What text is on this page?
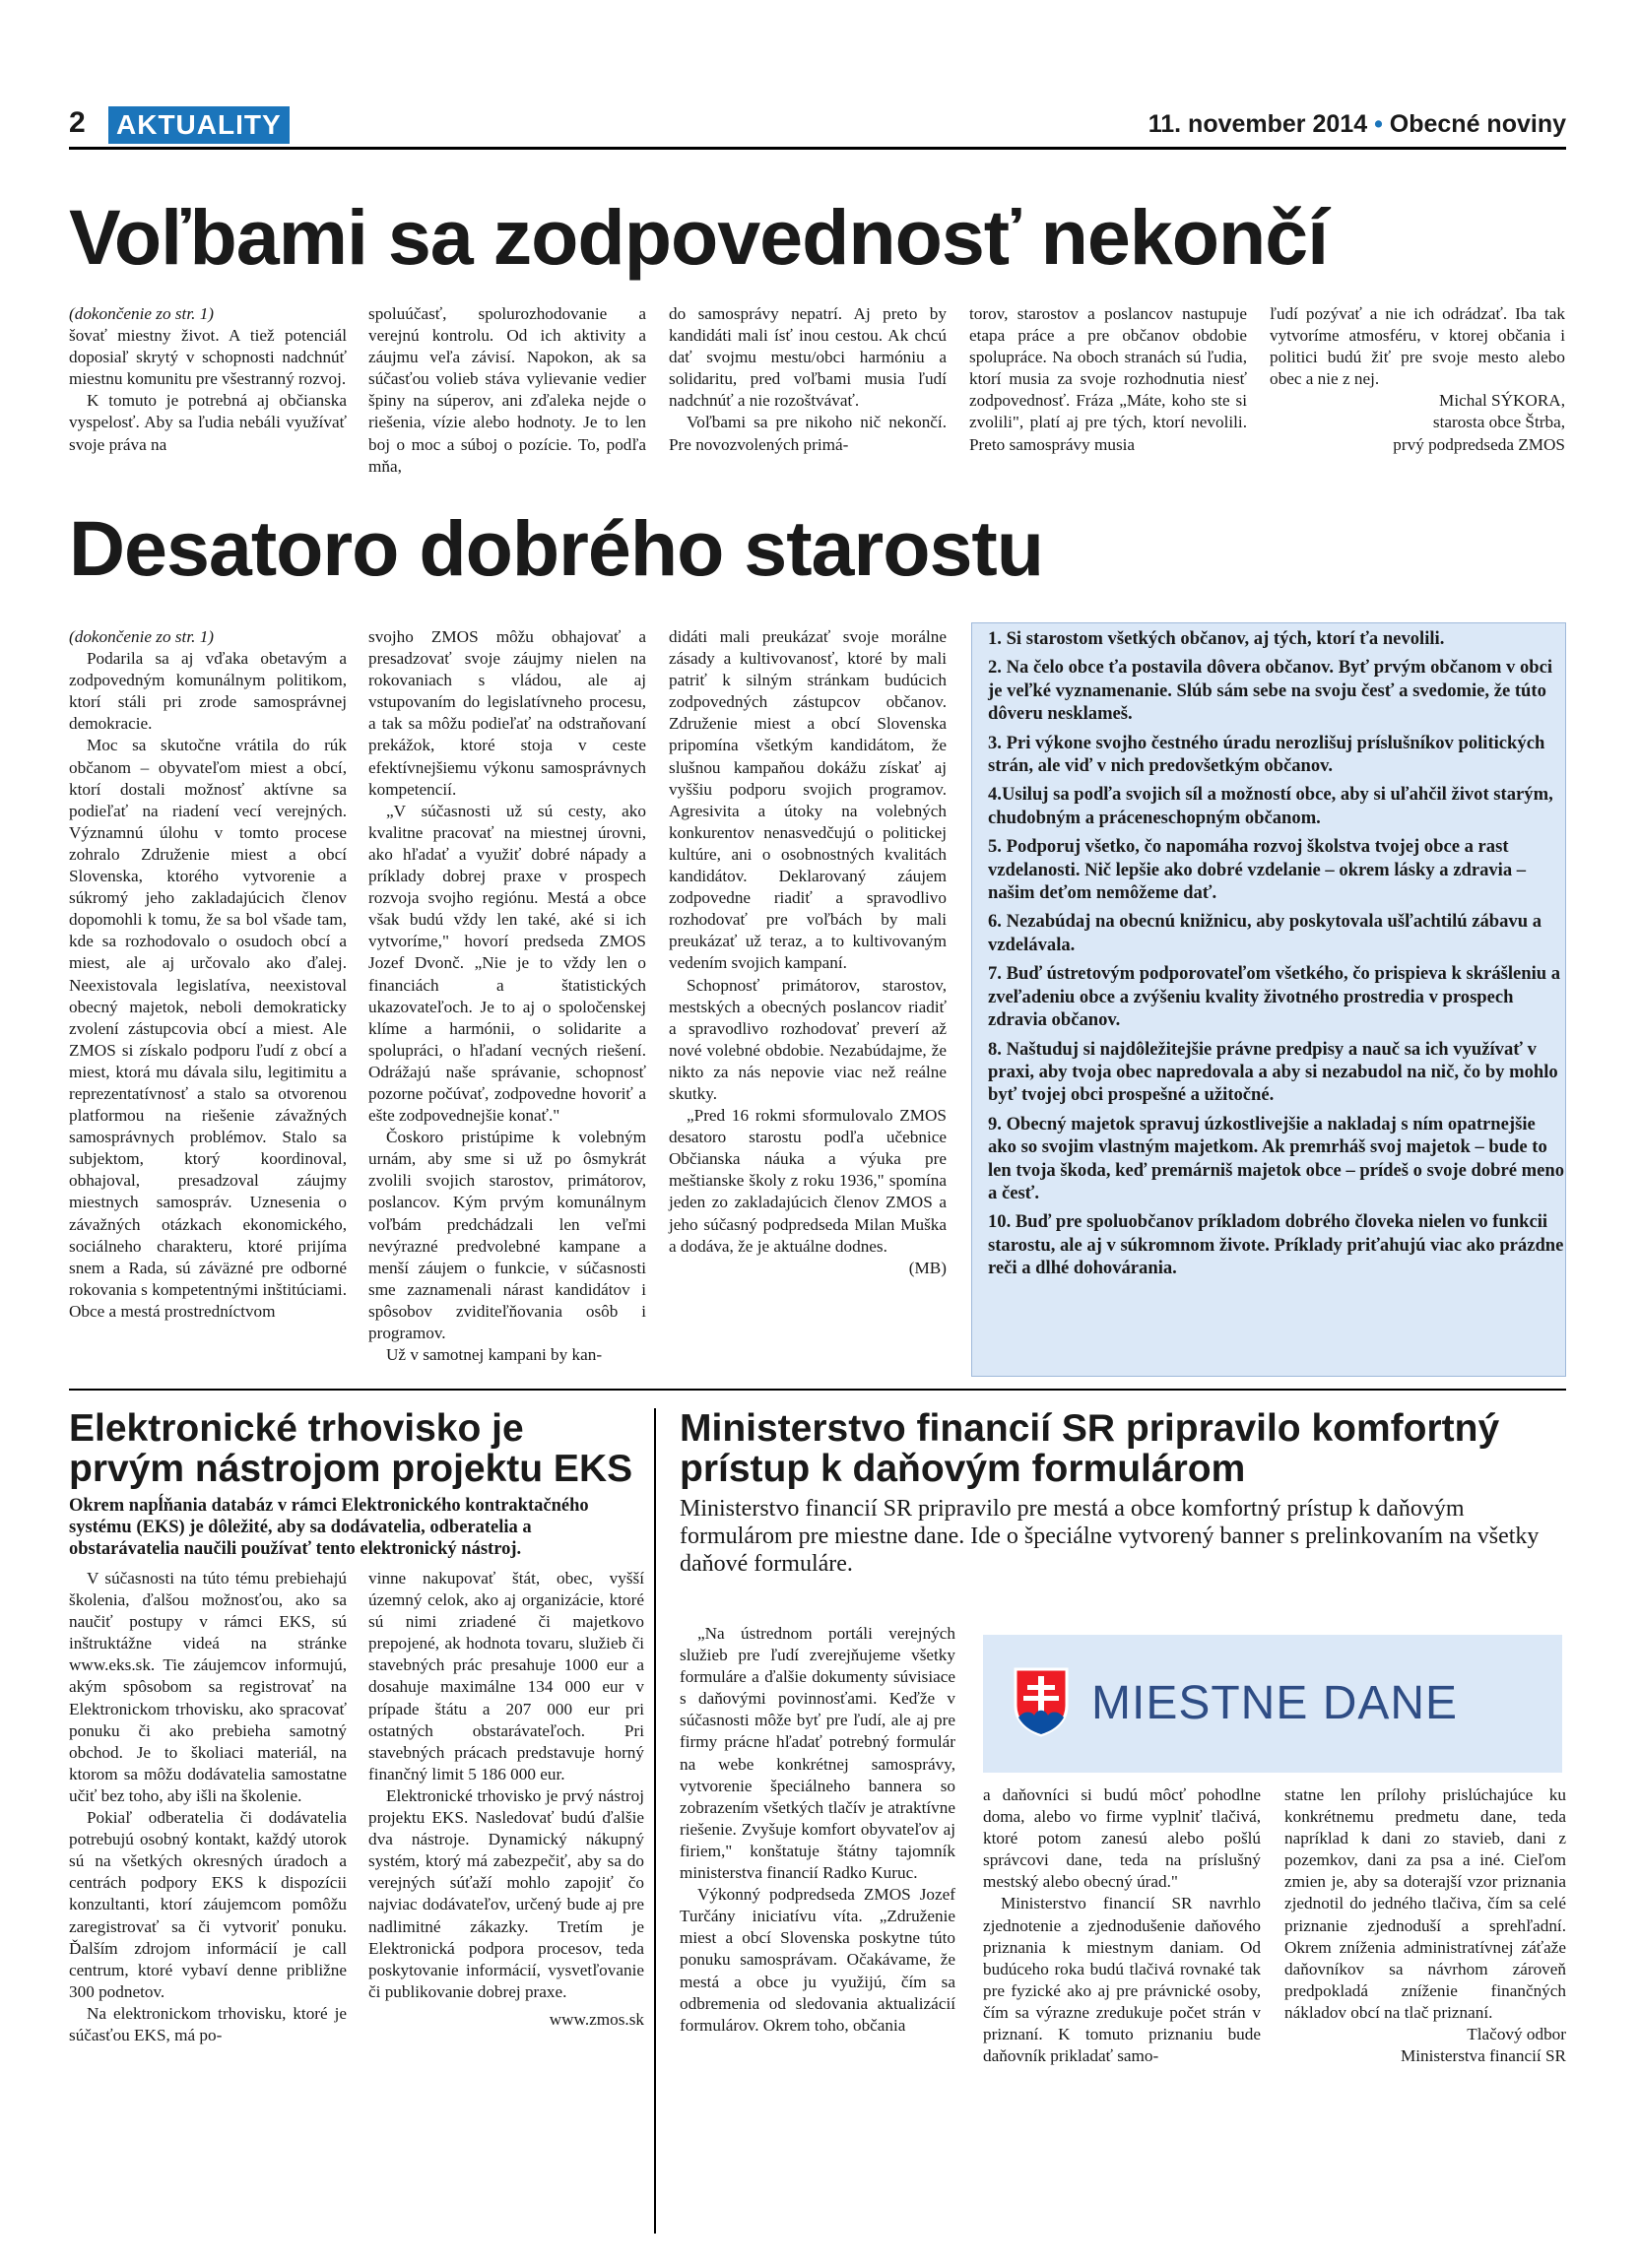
2 AKTUALITY	11. november 2014 • Obecné noviny
Voľbami sa zodpovednosť nekončí

(dokončenie zo str. 1)

šovať miestny život. A tiež potenciál doposiaľ skrytý v schopnosti nadchnúť miestnu komunitu pre všestranný rozvoj.

K tomuto je potrebná aj občianska vyspelosť. Aby sa ľudia nebáli využívať svoje práva na

spoluúčasť, spolurozhodovanie a verejnú kontrolu. Od ich aktivity a záujmu veľa závisí. Napokon, ak sa súčasťou volieb stáva vylievanie vedier špiny na súperov, ani zďaleka nejde o riešenia, vízie alebo hodnoty. Je to len boj o moc a súboj o pozície. To, podľa mňa,

do samosprávy nepatrí. Aj preto by kandidáti mali ísť inou cestou. Ak chcú dať svojmu mestu/obci harmóniu a solidaritu, pred voľbami musia ľudí nadchnúť a nie rozoštvávať.

Voľbami sa pre nikoho nič nekončí. Pre novozvolených primá-

torov, starostov a poslancov nastupuje etapa práce a pre občanov obdobie spolupráce. Na oboch stranách sú ľudia, ktorí musia za svoje rozhodnutia niesť zodpovednosť. Fráza „Máte, koho ste si zvolili", platí aj pre tých, ktorí nevolili. Preto samosprávy musia

ľudí pozývať a nie ich odrádzať. Iba tak vytvoríme atmosféru, v ktorej občania i politici budú žiť pre svoje mesto alebo obec a nie z nej.

Michal SÝKORA,

starosta obce Štrba,

prvý podpredseda ZMOS

Desatoro dobrého starostu

(dokončenie zo str. 1)

Podarila sa aj vďaka obetavým a zodpovedným komunálnym politikom, ktorí stáli pri zrode samosprávnej demokracie.

Moc sa skutočne vrátila do rúk občanom – obyvateľom miest a obcí, ktorí dostali možnosť aktívne sa podieľať na riadení vecí verejných. Významnú úlohu v tomto procese zohralo Združenie miest a obcí Slovenska, ktorého vytvorenie a súkromý jeho zakladajúcich členov dopomohli k tomu, že sa bol všade tam, kde sa rozhodovalo o osudoch obcí a miest, ale aj určovalo ako ďalej. Neexistovala legislatíva, neexistoval obecný majetok, neboli demokraticky zvolení zástupcovia obcí a miest. Ale ZMOS si získalo podporu ľudí z obcí a miest, ktorá mu dávala silu, legitimitu a reprezentatívnosť a stalo sa otvorenou platformou na riešenie závažných samosprávnych problémov. Stalo sa subjektom, ktorý koordinoval, obhajoval, presadzoval záujmy miestnych samospráv. Uznesenia o závažných otázkach ekonomického, sociálneho charakteru, ktoré prijíma snem a Rada, sú záväzné pre odborné rokovania s kompetentnými inštitúciami. Obce a mestá prostredníctvom

svojho ZMOS môžu obhajovať a presadzovať svoje záujmy nielen na rokovaniach s vládou, ale aj vstupovaním do legislatívneho procesu, a tak sa môžu podieľať na odstraňovaní prekážok, ktoré stoja v ceste efektívnejšiemu výkonu samosprávnych kompetencií.

„V súčasnosti už sú cesty, ako kvalitne pracovať na miestnej úrovni, ako hľadať a využiť dobré nápady a príklady dobrej praxe v prospech rozvoja svojho regiónu. Mestá a obce však budú vždy len také, aké si ich vytvoríme," hovorí predseda ZMOS Jozef Dvonč. „Nie je to vždy len o financiách a štatistických ukazovateľoch. Je to aj o spoločenskej klíme a harmónii, o solidarite a spolupráci, o hľadaní vecných riešení. Odrážajú naše správanie, schopnosť pozorne počúvať, zodpovedne hovoriť a ešte zodpovednejšie konať."

Čoskoro pristúpime k volebným urnám, aby sme si už po ôsmykrát zvolili svojich starostov, primátorov, poslancov. Kým prvým komunálnym voľbám predchádzali len veľmi nevýrazné predvolebné kampane a menší záujem o funkcie, v súčasnosti sme zaznamenali nárast kandidátov i spôsobov zviditeľňovania osôb i programov.

Už v samotnej kampani by kan-

didáti mali preukázať svoje morálne zásady a kultivovanosť, ktoré by mali patriť k silným stránkam budúcich zodpovedných zástupcov občanov. Združenie miest a obcí Slovenska pripomína všetkým kandidátom, že slušnou kampaňou dokážu získať aj vyššiu podporu svojich programov. Agresivita a útoky na volebných konkurentov nenasvedčujú o politickej kultúre, ani o osobnostných kvalitách kandidátov. Deklarovaný záujem zodpovedne riadiť a spravodlivo rozhodovať pre voľbách by mali preukázať už teraz, a to kultivovaným vedením svojich kampaní.

Schopnosť primátorov, starostov, mestských a obecných poslancov riadiť a spravodlivo rozhodovať preverí až nové volebné obdobie. Nezabúdajme, že nikto za nás nepovie viac než reálne skutky.

„Pred 16 rokmi sformulovalo ZMOS desatoro starostu podľa učebnice Občianska náuka a výuka pre meštianske školy z roku 1936," spomína jeden zo zakladajúcich členov ZMOS a jeho súčasný podpredseda Milan Muška a dodáva, že je aktuálne dodnes.

(MB)

1. Si starostom všetkých občanov, aj tých, ktorí ťa nevolili.

2. Na čelo obce ťa postavila dôvera občanov. Byť prvým občanom v obci je veľké vyznamenanie. Slúb sám sebe na svoju česť a svedomie, že túto dôveru nesklameš.

3. Pri výkone svojho čestného úradu nerozlišuj príslušníkov politických strán, ale viď v nich predovšetkým občanov.

4.Usiluj sa podľa svojich síl a možností obce, aby si uľahčil život starým, chudobným a práceneschopným občanom.

5. Podporuj všetko, čo napomáha rozvoj školstva tvojej obce a rast vzdelanosti. Nič lepšie ako dobré vzdelanie – okrem lásky a zdravia – našim deťom nemôžeme dať.

6. Nezabúdaj na obecnú knižnicu, aby poskytovala ušľachtilú zábavu a vzdelávala.

7. Buď ústretovým podporovateľom všetkého, čo prispieva k skrášleniu a zveľadeniu obce a zvýšeniu kvality životného prostredia v prospech zdravia občanov.

8. Naštuduj si najdôležitejšie právne predpisy a nauč sa ich využívať v praxi, aby tvoja obec napredovala a aby si nezabudol na nič, čo by mohlo byť tvojej obci prospešné a užitočné.

9. Obecný majetok spravuj úzkostlivejšie a nakladaj s ním opatrnejšie ako so svojim vlastným majetkom. Ak premrháš svoj majetok – bude to len tvoja škoda, keď premárniš majetok obce – prídeš o svoje dobré meno a česť.

10. Buď pre spoluobčanov príkladom dobrého človeka nielen vo funkcii starostu, ale aj v súkromnom živote. Príklady priťahujú viac ako prázdne reči a dlhé dohovárania.

Elektronické trhovisko je prvým nástrojom projektu EKS
Okrem napĺňania databáz v rámci Elektronického kontraktačného systému (EKS) je dôležité, aby sa dodávatelia, odberatelia a obstarávatelia naučili používať tento elektronický nástroj.

V súčasnosti na túto tému prebiehajú školenia, ďalšou možnosťou, ako sa naučiť postupy v rámci EKS, sú inštruktážne videá na stránke www.eks.sk. Tie záujemcov informujú, akým spôsobom sa registrovať na Elektronickom trhovisku, ako spracovať ponuku či ako prebieha samotný obchod. Je to školiaci materiál, na ktorom sa môžu dodávatelia samostatne učiť bez toho, aby išli na školenie.

Pokiaľ odberatelia či dodávatelia potrebujú osobný kontakt, každý utorok sú na všetkých okresných úradoch a centrách podpory EKS k dispozícii konzultanti, ktorí záujemcom pomôžu zaregistrovať sa či vytvoriť ponuku. Ďalším zdrojom informácií je call centrum, ktoré vybaví denne približne 300 podnetov.

Na elektronickom trhovisku, ktoré je súčasťou EKS, má po-

vinne nakupovať štát, obec, vyšší územný celok, ako aj organizácie, ktoré sú nimi zriadené či majetkovo prepojené, ak hodnota tovaru, služieb či stavebných prác presahuje 1000 eur a dosahuje maximálne 134 000 eur v prípade štátu a 207 000 eur pri ostatných obstarávateľoch. Pri stavebných prácach predstavuje horný finančný limit 5 186 000 eur.

Elektronické trhovisko je prvý nástroj projektu EKS. Nasledovať budú ďalšie dva nástroje. Dynamický nákupný systém, ktorý má zabezpečiť, aby sa do verejných súťaží mohlo zapojiť čo najviac dodávateľov, určený bude aj pre nadlimitné zákazky. Tretím je Elektronická podpora procesov, teda poskytovanie informácií, vysvetľovanie či publikovanie dobrej praxe.

www.zmos.sk

Ministerstvo financií SR pripravilo komfortný prístup k daňovým formulárom
Ministerstvo financií SR pripravilo pre mestá a obce komfortný prístup k daňovým formulárom pre miestne dane. Ide o špeciálne vytvorený banner s prelinkovaním na všetky daňové formuláre.

„Na ústrednom portáli verejných služieb pre ľudí zverejňujeme všetky formuláre a ďalšie dokumenty súvisiace s daňovými povinnosťami. Keďže v súčasnosti môže byť pre ľudí, ale aj pre firmy prácne hľadať potrebný formulár na webe konkrétnej samosprávy, vytvorenie špeciálneho bannera so zobrazením všetkých tlačív je atraktívne riešenie. Zvyšuje komfort obyvateľov aj firiem," konštatuje štátny tajomník ministerstva financií Radko Kuruc.

Výkonný podpredseda ZMOS Jozef Turčány iniciatívu víta. „Združenie miest a obcí Slovenska poskytne túto ponuku samosprávam. Očakávame, že mestá a obce ju využijú, čím sa odbremenia od sledovania aktualizácií formulárov. Okrem toho, občania

MIESTNE DANE

a daňovníci si budú môcť pohodlne doma, alebo vo firme vyplniť tlačivá, ktoré potom zanesú alebo pošlú správcovi dane, teda na príslušný mestský alebo obecný úrad."

Ministerstvo financií SR navrhlo zjednotenie a zjednodušenie daňového priznania k miestnym daniam. Od budúceho roka budú tlačivá rovnaké tak pre fyzické ako aj pre právnické osoby, čím sa výrazne zredukuje počet strán v priznaní. K tomuto priznaniu bude daňovník prikladať samo-

statne len prílohy prislúchajúce ku konkrétnemu predmetu dane, teda napríklad k dani zo stavieb, dani z pozemkov, dani za psa a iné. Cieľom zmien je, aby sa doterajší vzor priznania zjednotil do jedného tlačiva, čím sa celé priznanie zjednoduší a sprehľadní. Okrem zníženia administratívnej záťaže daňovníkov sa návrhom zároveň predpokladá zníženie finančných nákladov obcí na tlač priznaní.

Tlačový odbor

Ministerstva financií SR
